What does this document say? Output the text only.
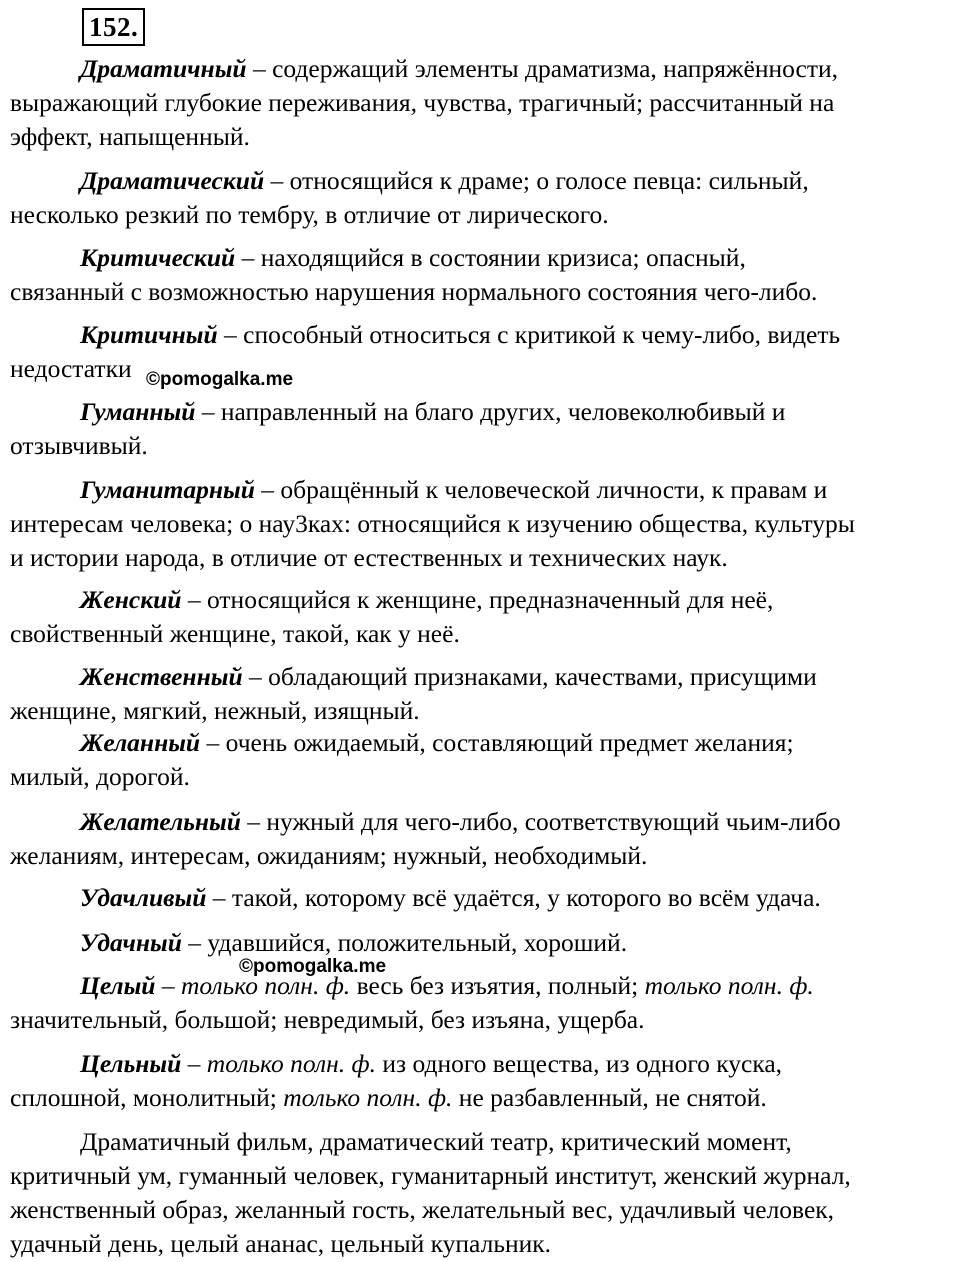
152.
Драматичный – содержащий элементы драматизма, напряжённости,
выражающий глубокие переживания, чувства, трагичный; рассчитанный на
эффект, напыщенный.
Драматический – относящийся к драме; о голосе певца: сильный,
несколько резкий по тембру, в отличие от лирического.
Критический – находящийся в состоянии кризиса; опасный,
связанный с возможностью нарушения нормального состояния чего-либо.
Критичный – способный относиться с критикой к чему-либо, видеть
недостатки
Гуманный – направленный на благо других, человеколюбивый и
отзывчивый.
Гуманитарный – обращённый к человеческой личности, к правам и
интересам человека; о нау3ках: относящийся к изучению общества, культуры
и истории народа, в отличие от естественных и технических наук.
Женский – относящийся к женщине, предназначенный для неё,
свойственный женщине, такой, как у неё.
Женственный – обладающий признаками, качествами, присущими
женщине, мягкий, нежный, изящный.
Желанный – очень ожидаемый, составляющий предмет желания;
милый, дорогой.
Желательный – нужный для чего-либо, соответствующий чьим-либо
желаниям, интересам, ожиданиям; нужный, необходимый.
Удачливый – такой, которому всё удаётся, у которого во всём удача.
Удачный – удавшийся, положительный, хороший.
Целый – только полн. ф. весь без изъятия, полный; только полн. ф.
значительный, большой; невредимый, без изъяна, ущерба.
Цельный – только полн. ф. из одного вещества, из одного куска,
сплошной, монолитный; только полн. ф. не разбавленный, не снятой.
Драматичный фильм, драматический театр, критический момент,
критичный ум, гуманный человек, гуманитарный институт, женский журнал,
женственный образ, желанный гость, желательный вес, удачливый человек,
удачный день, целый ананас, цельный купальник.
©pomogalka.me
©pomogalka.me
